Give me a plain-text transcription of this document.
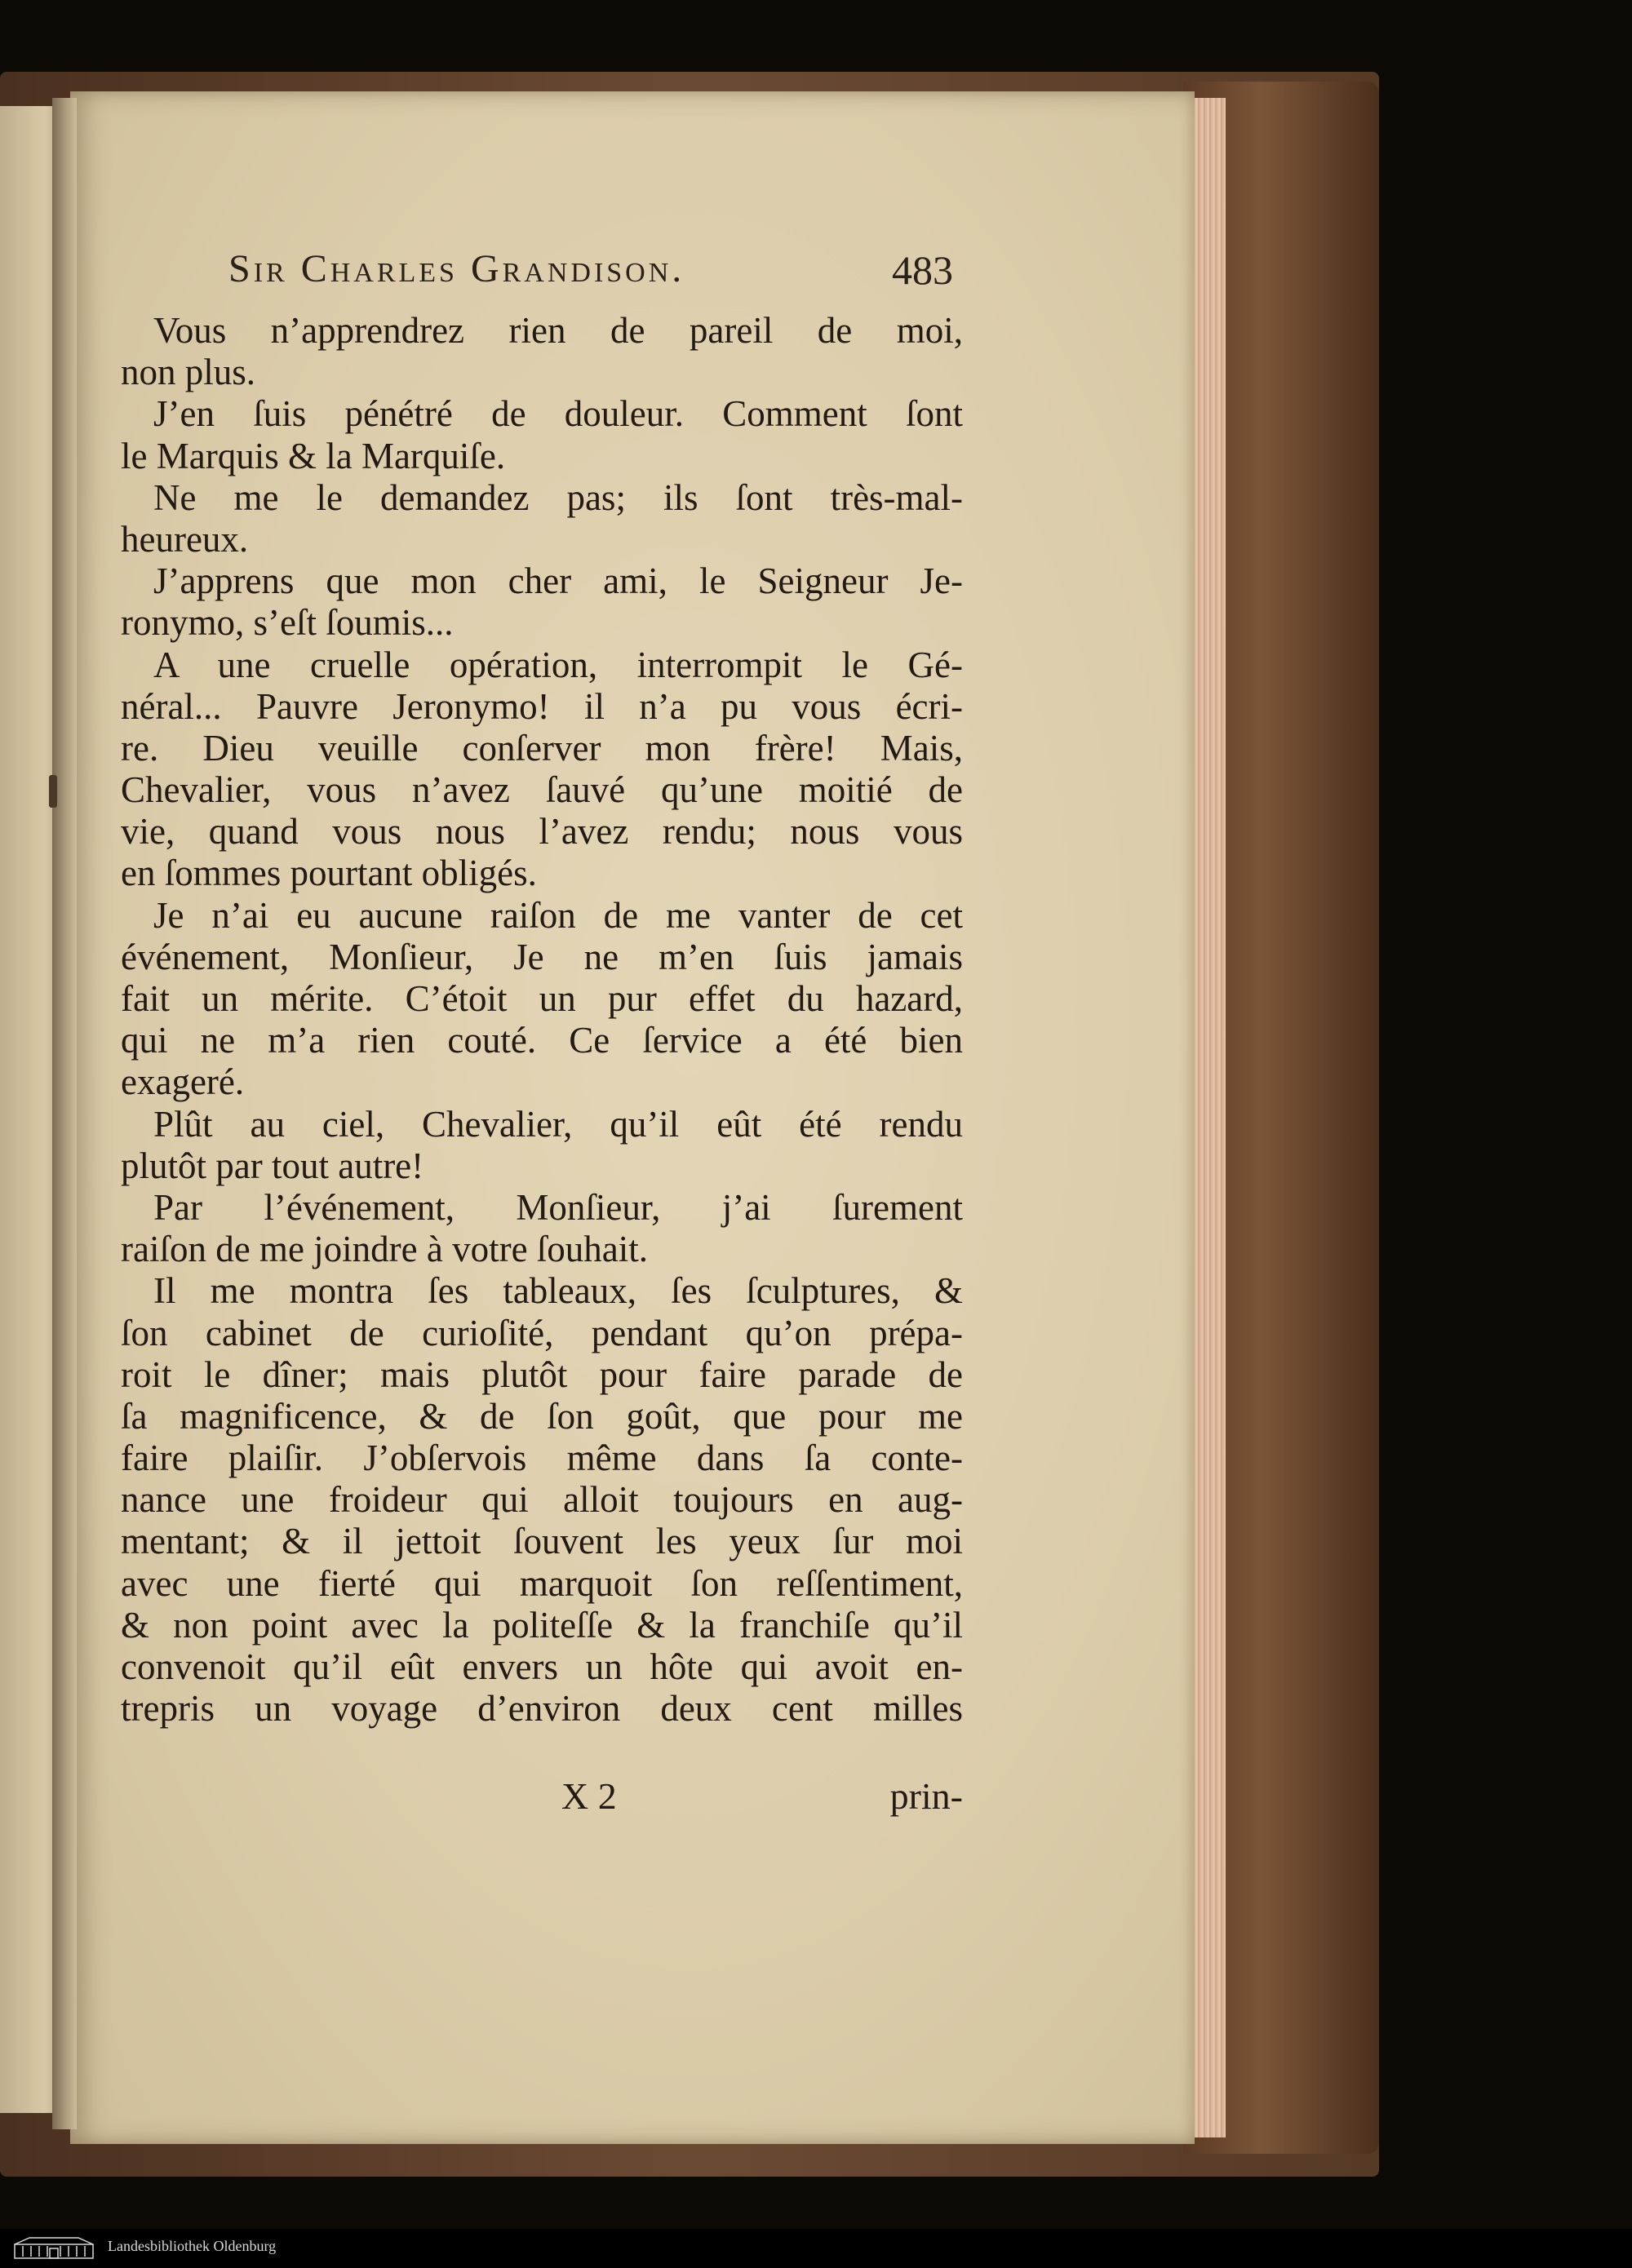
Sir Charles Grandison.	483
Vous n’apprendrez rien de pareil de moi,
non plus.
J’en ſuis pénétré de douleur. Comment ſont
le Marquis & la Marquiſe.
Ne me le demandez pas; ils ſont très-mal-
heureux.
J’apprens que mon cher ami, le Seigneur Je-
ronymo, s’eſt ſoumis...
A une cruelle opération, interrompit le Gé-
néral... Pauvre Jeronymo! il n’a pu vous écri-
re. Dieu veuille conſerver mon frère! Mais,
Chevalier, vous n’avez ſauvé qu’une moitié de
vie, quand vous nous l’avez rendu; nous vous
en ſommes pourtant obligés.
Je n’ai eu aucune raiſon de me vanter de cet
événement, Monſieur, Je ne m’en ſuis jamais
fait un mérite. C’étoit un pur effet du hazard,
qui ne m’a rien couté. Ce ſervice a été bien
exageré.
Plût au ciel, Chevalier, qu’il eût été rendu
plutôt par tout autre!
Par l’événement, Monſieur, j’ai ſurement
raiſon de me joindre à votre ſouhait.
Il me montra ſes tableaux, ſes ſculptures, &
ſon cabinet de curioſité, pendant qu’on prépa-
roit le dîner; mais plutôt pour faire parade de
ſa magnificence, & de ſon goût, que pour me
faire plaiſir. J’obſervois même dans ſa conte-
nance une froideur qui alloit toujours en aug-
mentant; & il jettoit ſouvent les yeux ſur moi
avec une fierté qui marquoit ſon reſſentiment,
& non point avec la politeſſe & la franchiſe qu’il
convenoit qu’il eût envers un hôte qui avoit en-
trepris un voyage d’environ deux cent milles
X 2	prin-
Landesbibliothek Oldenburg
